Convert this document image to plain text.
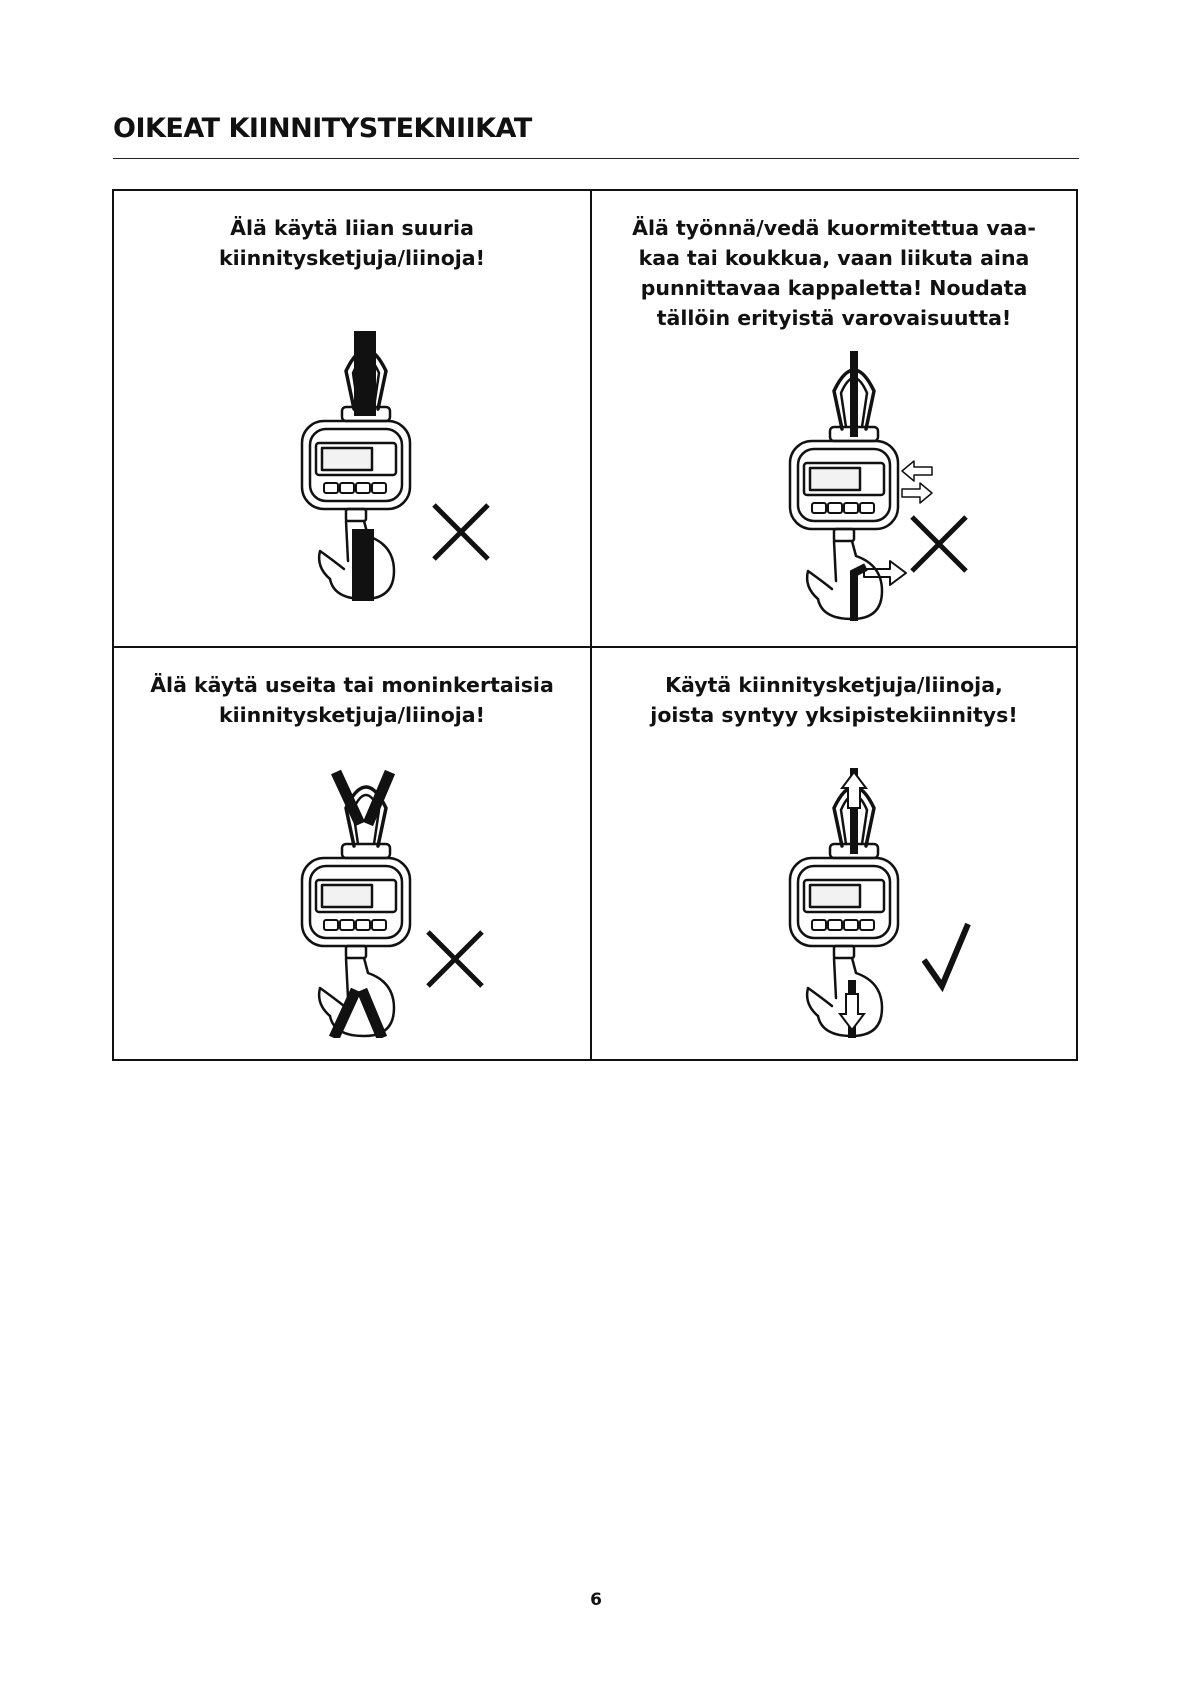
OIKEAT KIINNITYSTEKNIIKAT

Älä käytä liian suuria
kiinnitysketjuja/liinoja!

Älä työnnä/vedä kuormitettua vaa-
kaa tai koukkua, vaan liikuta aina
punnittavaa kappaletta! Noudata
tällöin erityistä varovaisuutta!

Älä käytä useita tai moninkertaisia
kiinnitysketjuja/liinoja!

Käytä kiinnitysketjuja/liinoja,
joista syntyy yksipistekiinnitys!

6
